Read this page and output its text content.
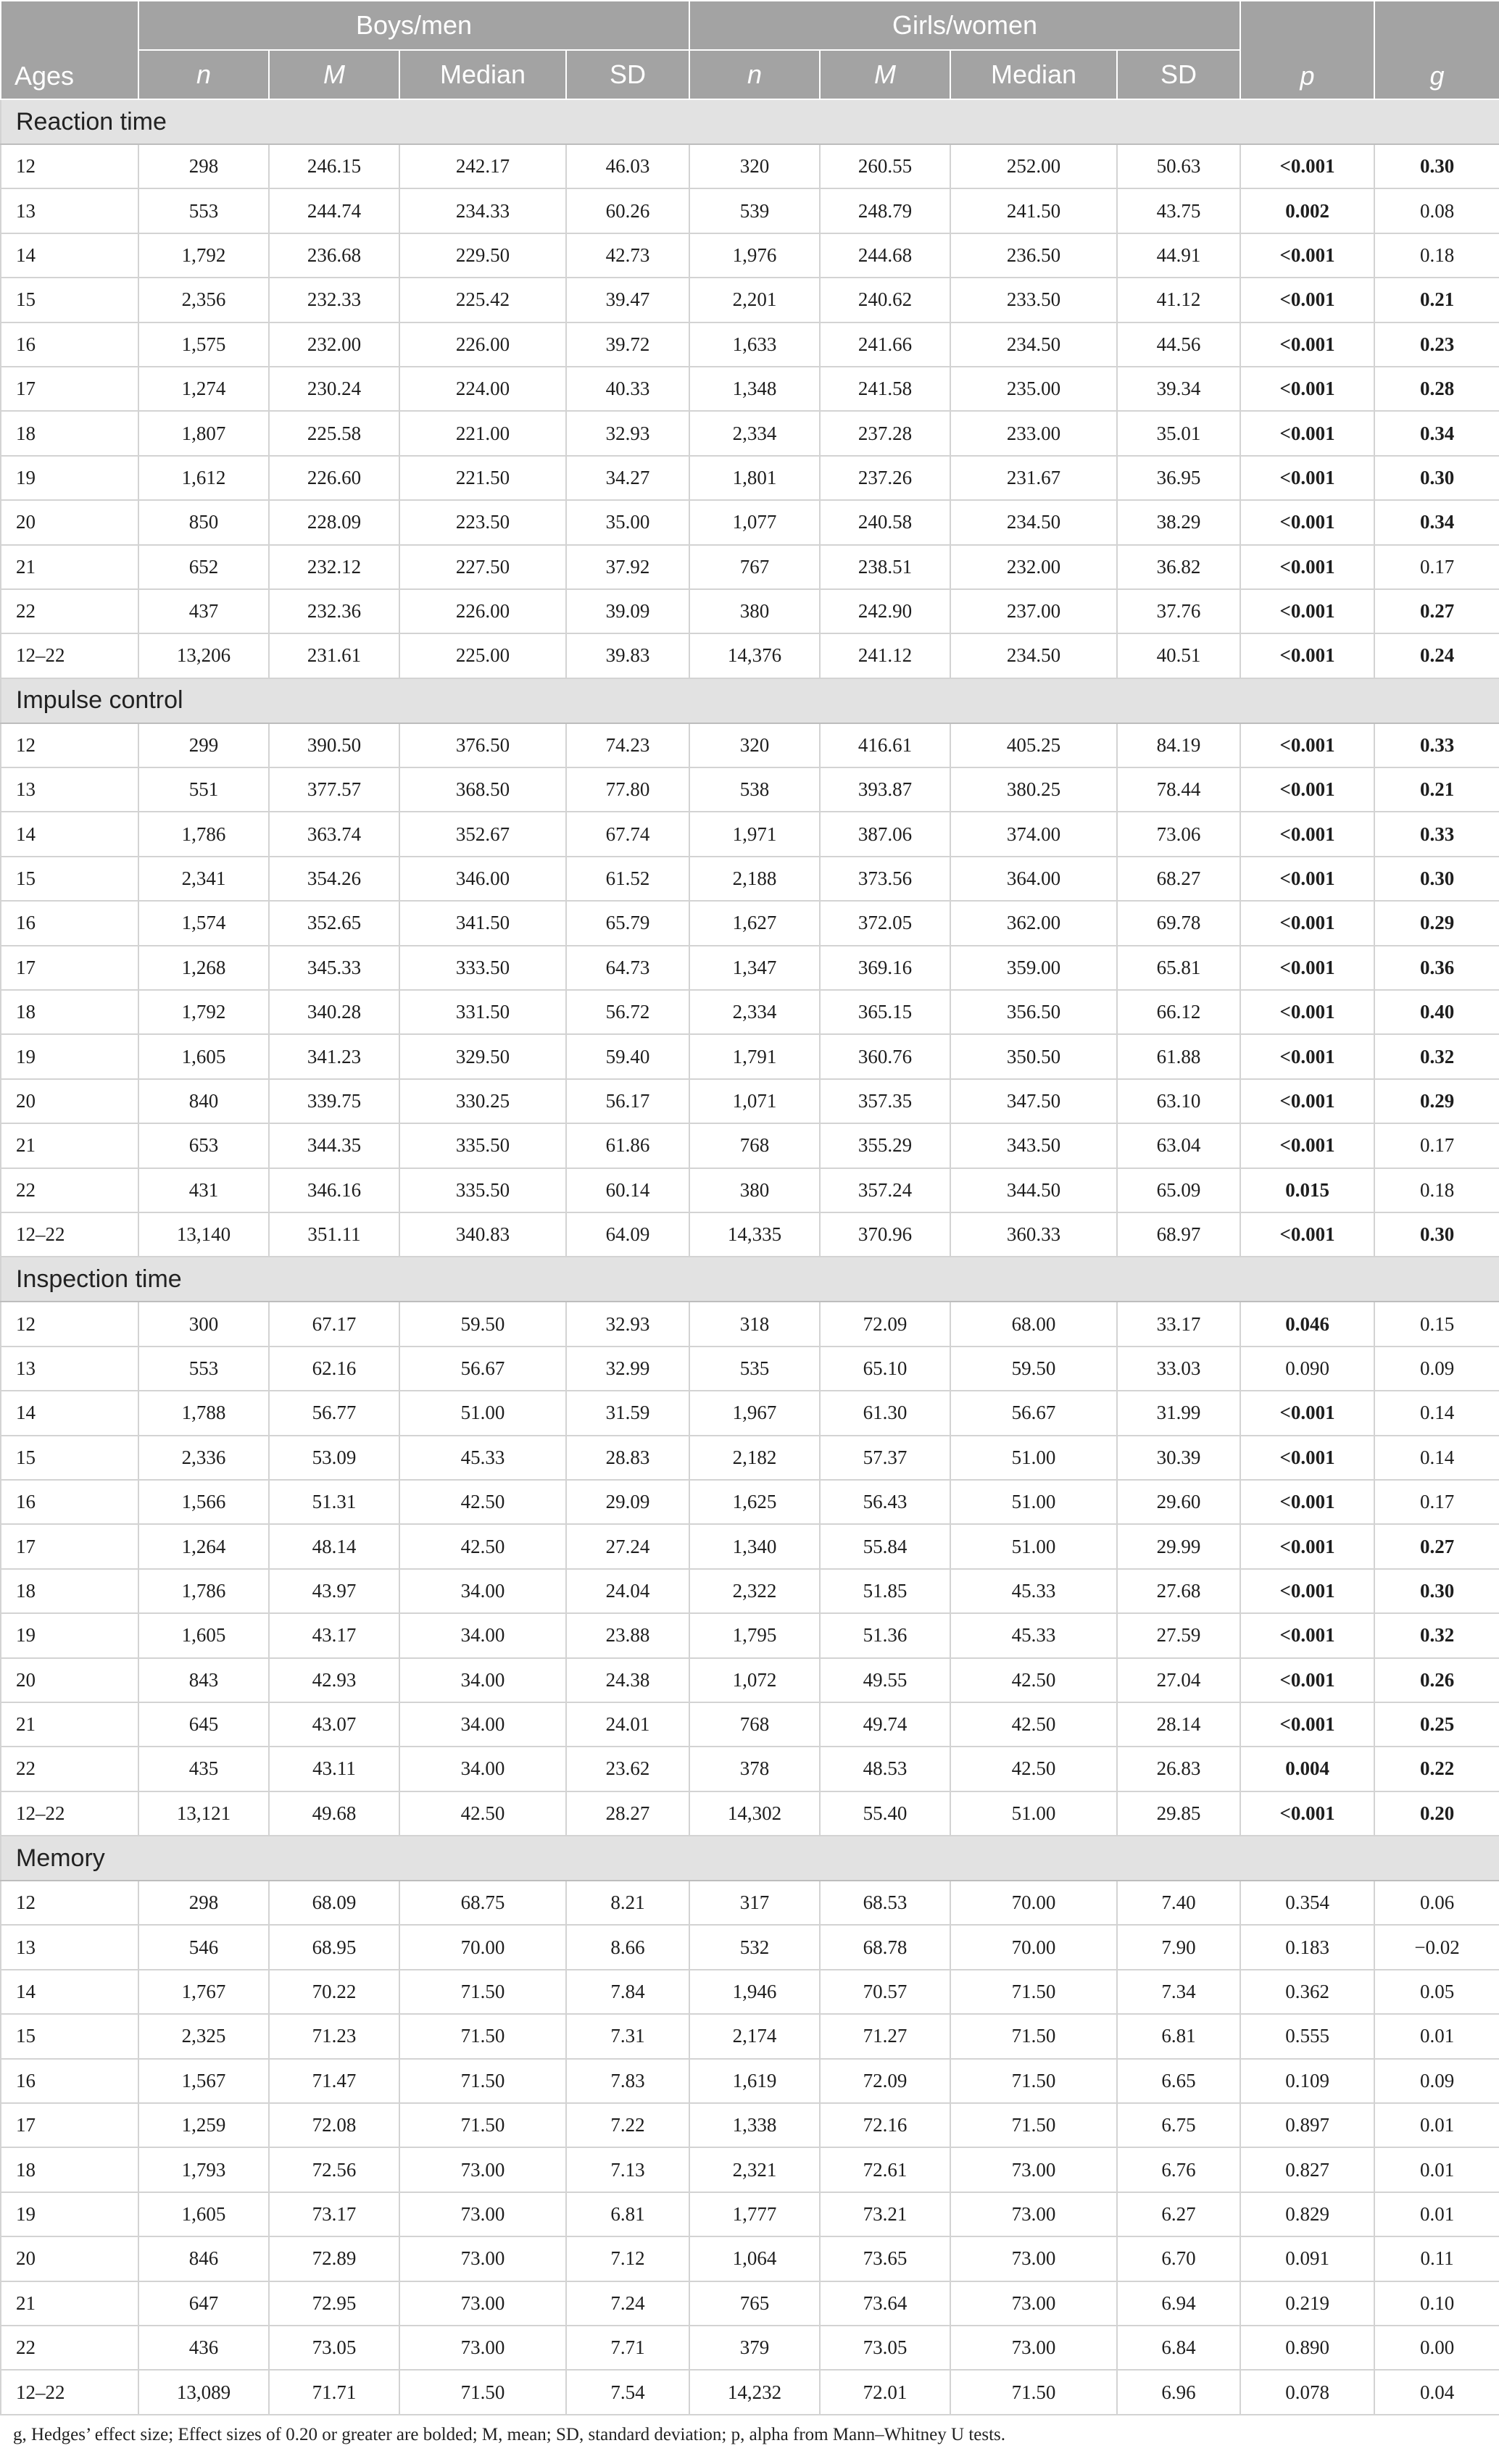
Ages	Boys/men				Girls/women				p	g
	n	M	Median	SD	n	M	Median	SD		
Reaction time										
12	298	246.15	242.17	46.03	320	260.55	252.00	50.63	<0.001	0.30
13	553	244.74	234.33	60.26	539	248.79	241.50	43.75	0.002	0.08
14	1,792	236.68	229.50	42.73	1,976	244.68	236.50	44.91	<0.001	0.18
15	2,356	232.33	225.42	39.47	2,201	240.62	233.50	41.12	<0.001	0.21
16	1,575	232.00	226.00	39.72	1,633	241.66	234.50	44.56	<0.001	0.23
17	1,274	230.24	224.00	40.33	1,348	241.58	235.00	39.34	<0.001	0.28
18	1,807	225.58	221.00	32.93	2,334	237.28	233.00	35.01	<0.001	0.34
19	1,612	226.60	221.50	34.27	1,801	237.26	231.67	36.95	<0.001	0.30
20	850	228.09	223.50	35.00	1,077	240.58	234.50	38.29	<0.001	0.34
21	652	232.12	227.50	37.92	767	238.51	232.00	36.82	<0.001	0.17
22	437	232.36	226.00	39.09	380	242.90	237.00	37.76	<0.001	0.27
12–22	13,206	231.61	225.00	39.83	14,376	241.12	234.50	40.51	<0.001	0.24
Impulse control										
12	299	390.50	376.50	74.23	320	416.61	405.25	84.19	<0.001	0.33
13	551	377.57	368.50	77.80	538	393.87	380.25	78.44	<0.001	0.21
14	1,786	363.74	352.67	67.74	1,971	387.06	374.00	73.06	<0.001	0.33
15	2,341	354.26	346.00	61.52	2,188	373.56	364.00	68.27	<0.001	0.30
16	1,574	352.65	341.50	65.79	1,627	372.05	362.00	69.78	<0.001	0.29
17	1,268	345.33	333.50	64.73	1,347	369.16	359.00	65.81	<0.001	0.36
18	1,792	340.28	331.50	56.72	2,334	365.15	356.50	66.12	<0.001	0.40
19	1,605	341.23	329.50	59.40	1,791	360.76	350.50	61.88	<0.001	0.32
20	840	339.75	330.25	56.17	1,071	357.35	347.50	63.10	<0.001	0.29
21	653	344.35	335.50	61.86	768	355.29	343.50	63.04	<0.001	0.17
22	431	346.16	335.50	60.14	380	357.24	344.50	65.09	0.015	0.18
12–22	13,140	351.11	340.83	64.09	14,335	370.96	360.33	68.97	<0.001	0.30
Inspection time										
12	300	67.17	59.50	32.93	318	72.09	68.00	33.17	0.046	0.15
13	553	62.16	56.67	32.99	535	65.10	59.50	33.03	0.090	0.09
14	1,788	56.77	51.00	31.59	1,967	61.30	56.67	31.99	<0.001	0.14
15	2,336	53.09	45.33	28.83	2,182	57.37	51.00	30.39	<0.001	0.14
16	1,566	51.31	42.50	29.09	1,625	56.43	51.00	29.60	<0.001	0.17
17	1,264	48.14	42.50	27.24	1,340	55.84	51.00	29.99	<0.001	0.27
18	1,786	43.97	34.00	24.04	2,322	51.85	45.33	27.68	<0.001	0.30
19	1,605	43.17	34.00	23.88	1,795	51.36	45.33	27.59	<0.001	0.32
20	843	42.93	34.00	24.38	1,072	49.55	42.50	27.04	<0.001	0.26
21	645	43.07	34.00	24.01	768	49.74	42.50	28.14	<0.001	0.25
22	435	43.11	34.00	23.62	378	48.53	42.50	26.83	0.004	0.22
12–22	13,121	49.68	42.50	28.27	14,302	55.40	51.00	29.85	<0.001	0.20
Memory										
12	298	68.09	68.75	8.21	317	68.53	70.00	7.40	0.354	0.06
13	546	68.95	70.00	8.66	532	68.78	70.00	7.90	0.183	−0.02
14	1,767	70.22	71.50	7.84	1,946	70.57	71.50	7.34	0.362	0.05
15	2,325	71.23	71.50	7.31	2,174	71.27	71.50	6.81	0.555	0.01
16	1,567	71.47	71.50	7.83	1,619	72.09	71.50	6.65	0.109	0.09
17	1,259	72.08	71.50	7.22	1,338	72.16	71.50	6.75	0.897	0.01
18	1,793	72.56	73.00	7.13	2,321	72.61	73.00	6.76	0.827	0.01
19	1,605	73.17	73.00	6.81	1,777	73.21	73.00	6.27	0.829	0.01
20	846	72.89	73.00	7.12	1,064	73.65	73.00	6.70	0.091	0.11
21	647	72.95	73.00	7.24	765	73.64	73.00	6.94	0.219	0.10
22	436	73.05	73.00	7.71	379	73.05	73.00	6.84	0.890	0.00
12–22	13,089	71.71	71.50	7.54	14,232	72.01	71.50	6.96	0.078	0.04
g, Hedges’ effect size; Effect sizes of 0.20 or greater are bolded; M, mean; SD, standard deviation; p, alpha from Mann–Whitney U tests.
